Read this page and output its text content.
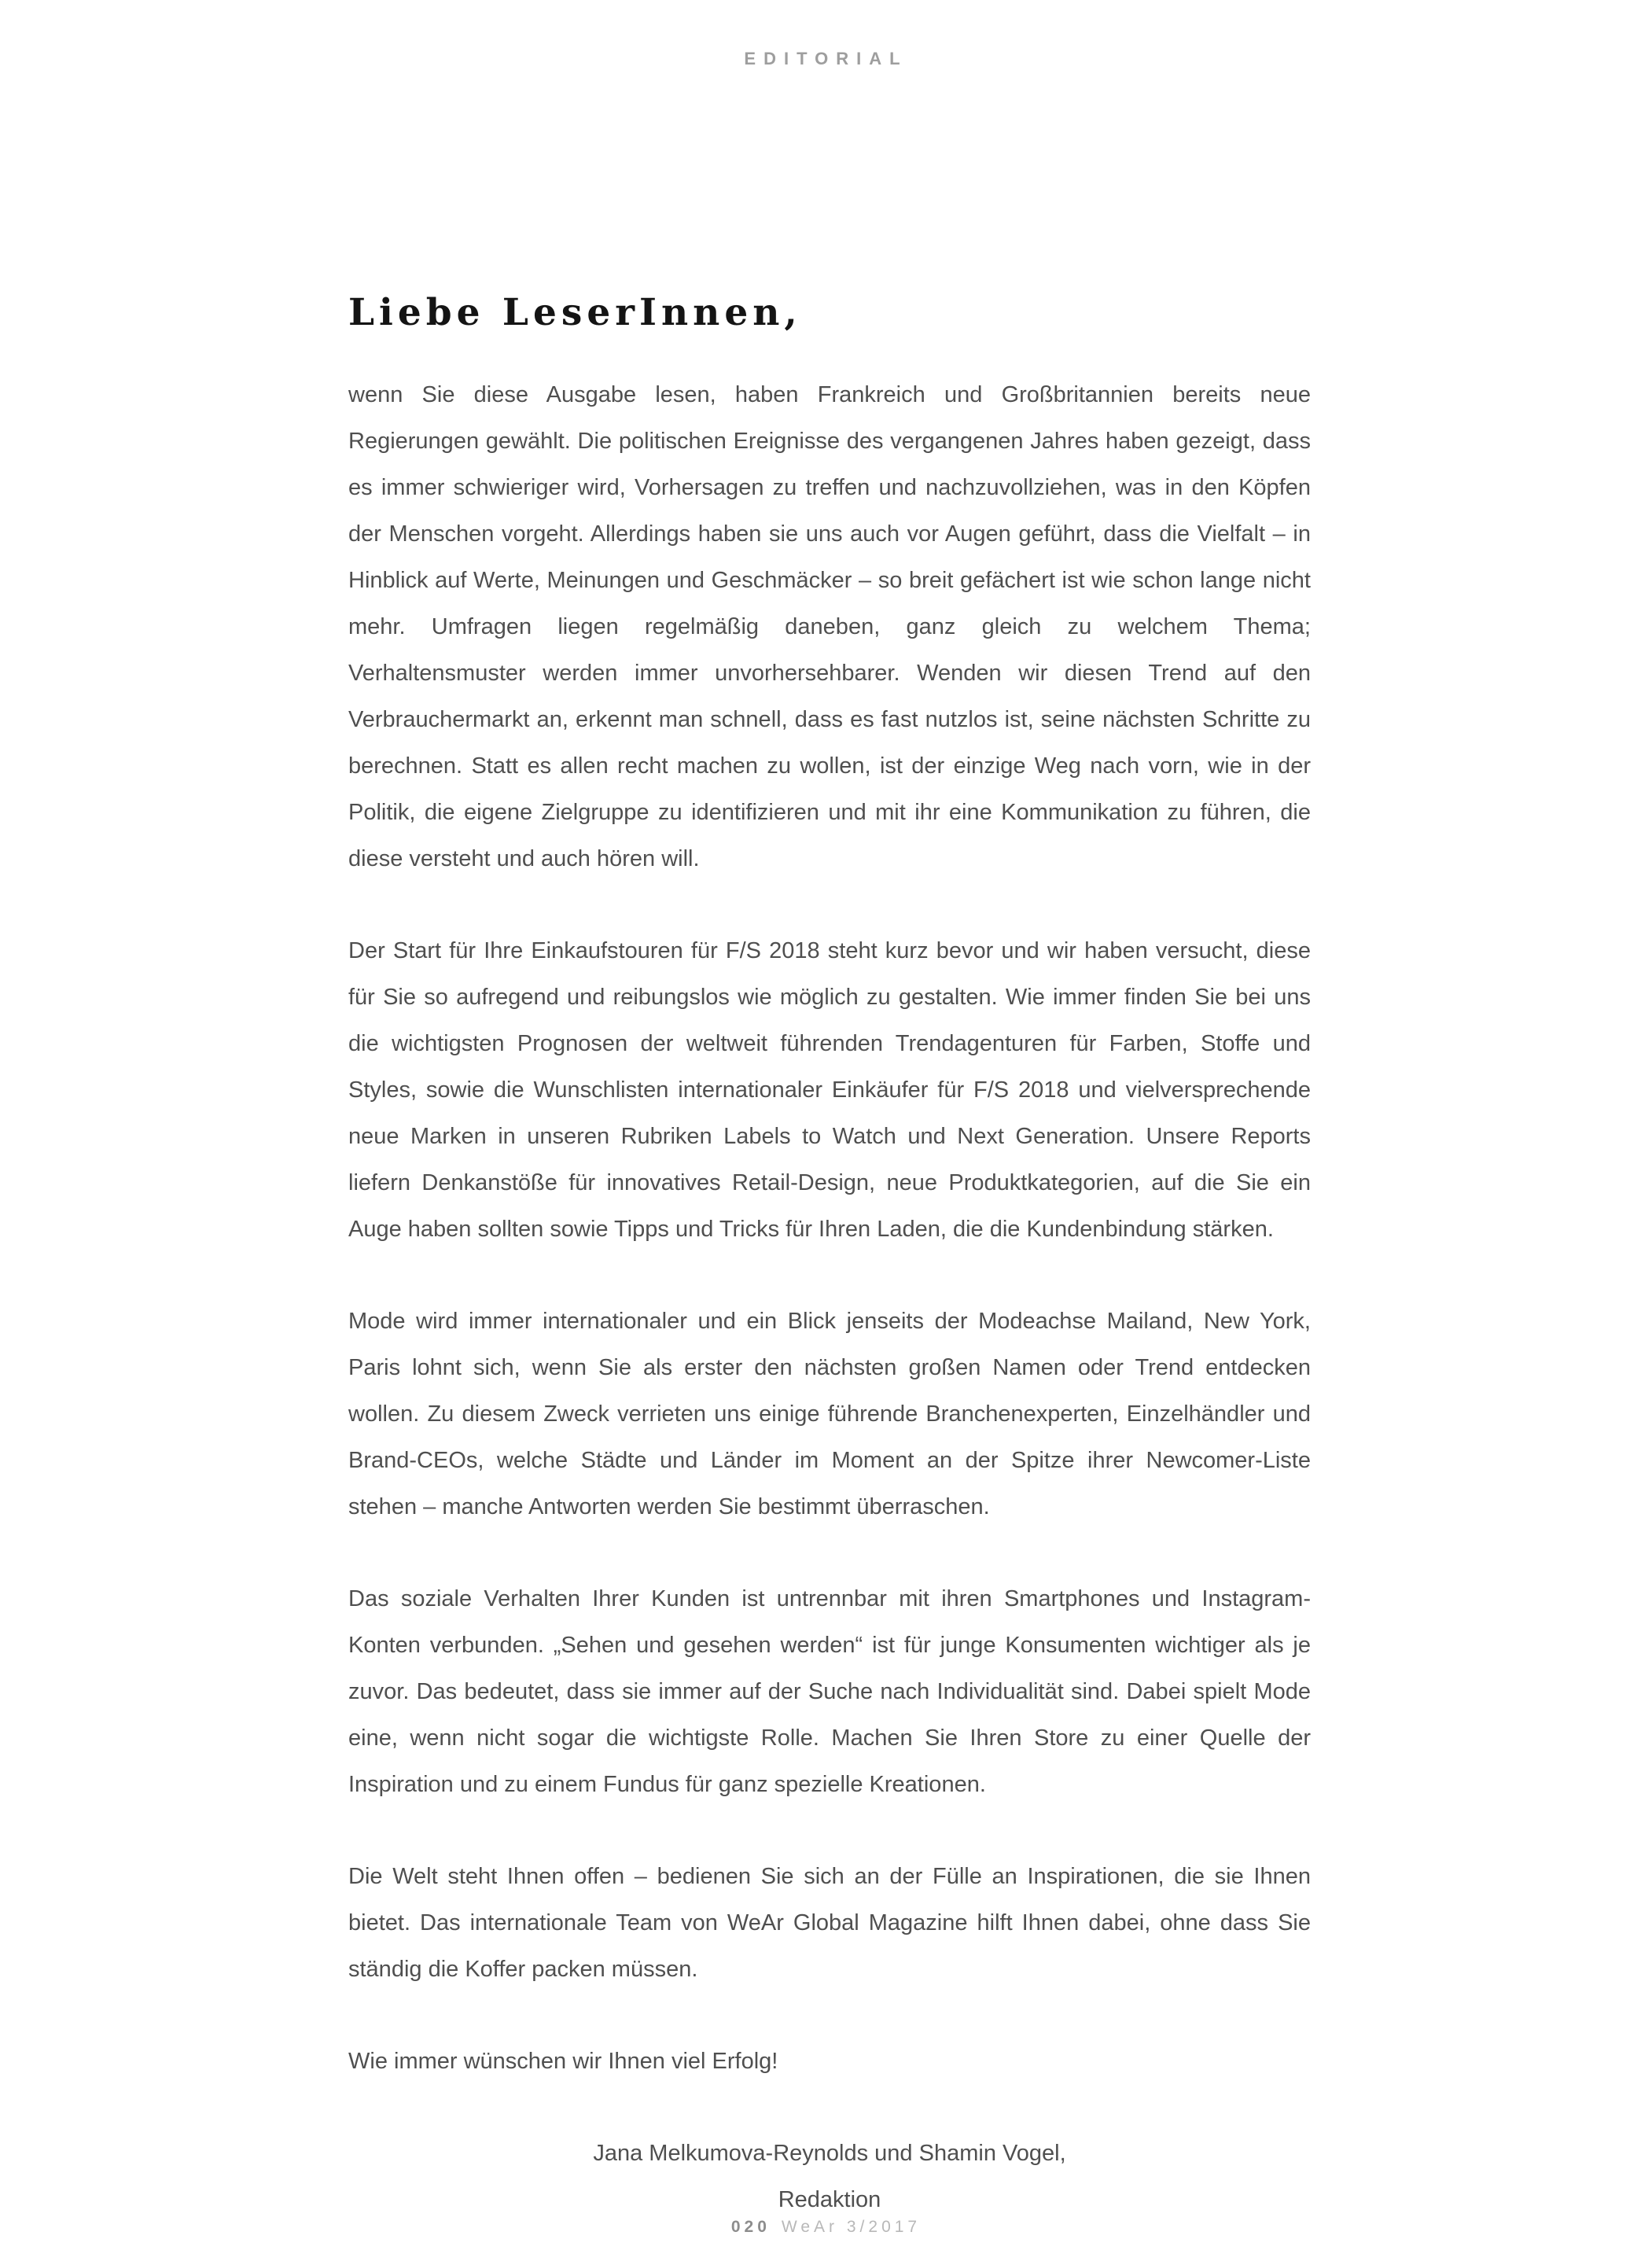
EDITORIAL
Liebe LeserInnen,

wenn Sie diese Ausgabe lesen, haben Frankreich und Großbritannien bereits neue Regierungen gewählt. Die politischen Ereignisse des vergangenen Jahres haben gezeigt, dass es immer schwieriger wird, Vorhersagen zu treffen und nachzuvollziehen, was in den Köpfen der Menschen vorgeht. Allerdings haben sie uns auch vor Augen geführt, dass die Vielfalt – in Hinblick auf Werte, Meinungen und Geschmäcker – so breit gefächert ist wie schon lange nicht mehr. Umfragen liegen regelmäßig daneben, ganz gleich zu welchem Thema; Verhaltensmuster werden immer unvorhersehbarer. Wenden wir diesen Trend auf den Verbrauchermarkt an, erkennt man schnell, dass es fast nutzlos ist, seine nächsten Schritte zu berechnen. Statt es allen recht machen zu wollen, ist der einzige Weg nach vorn, wie in der Politik, die eigene Zielgruppe zu identifizieren und mit ihr eine Kommunikation zu führen, die diese versteht und auch hören will.

Der Start für Ihre Einkaufstouren für F/S 2018 steht kurz bevor und wir haben versucht, diese für Sie so aufregend und reibungslos wie möglich zu gestalten. Wie immer finden Sie bei uns die wichtigsten Prognosen der weltweit führenden Trendagenturen für Farben, Stoffe und Styles, sowie die Wunschlisten internationaler Einkäufer für F/S 2018 und vielversprechende neue Marken in unseren Rubriken Labels to Watch und Next Generation. Unsere Reports liefern Denkanstöße für innovatives Retail-Design, neue Produktkategorien, auf die Sie ein Auge haben sollten sowie Tipps und Tricks für Ihren Laden, die die Kundenbindung stärken.

Mode wird immer internationaler und ein Blick jenseits der Modeachse Mailand, New York, Paris lohnt sich, wenn Sie als erster den nächsten großen Namen oder Trend entdecken wollen. Zu diesem Zweck verrieten uns einige führende Branchenexperten, Einzelhändler und Brand-CEOs, welche Städte und Länder im Moment an der Spitze ihrer Newcomer-Liste stehen – manche Antworten werden Sie bestimmt überraschen.

Das soziale Verhalten Ihrer Kunden ist untrennbar mit ihren Smartphones und Instagram-Konten verbunden. „Sehen und gesehen werden“ ist für junge Konsumenten wichtiger als je zuvor. Das bedeutet, dass sie immer auf der Suche nach Individualität sind. Dabei spielt Mode eine, wenn nicht sogar die wichtigste Rolle. Machen Sie Ihren Store zu einer Quelle der Inspiration und zu einem Fundus für ganz spezielle Kreationen.

Die Welt steht Ihnen offen – bedienen Sie sich an der Fülle an Inspirationen, die sie Ihnen bietet. Das internationale Team von WeAr Global Magazine hilft Ihnen dabei, ohne dass Sie ständig die Koffer packen müssen.

Wie immer wünschen wir Ihnen viel Erfolg!

Jana Melkumova-Reynolds und Shamin Vogel,
Redaktion
020 WeAr 3/2017
